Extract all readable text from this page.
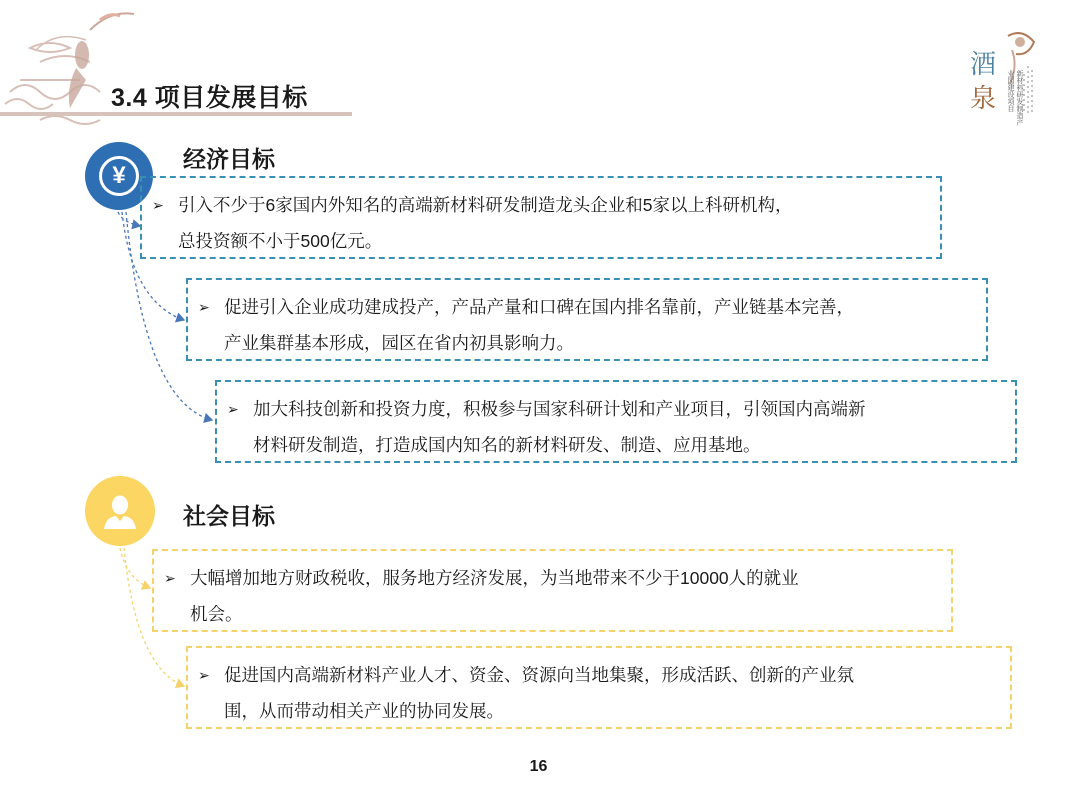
3.4 项目发展目标
酒
泉	新材料研发制造产业园建设项目
¥
经济目标
➢ 引入不少于6家国内外知名的高端新材料研发制造龙头企业和5家以上科研机构，
总投资额不小于500亿元。
➢ 促进引入企业成功建成投产，产品产量和口碑在国内排名靠前，产业链基本完善，
产业集群基本形成，园区在省内初具影响力。
➢ 加大科技创新和投资力度，积极参与国家科研计划和产业项目，引领国内高端新
材料研发制造，打造成国内知名的新材料研发、制造、应用基地。
社会目标
➢ 大幅增加地方财政税收，服务地方经济发展，为当地带来不少于10000人的就业
机会。
➢ 促进国内高端新材料产业人才、资金、资源向当地集聚，形成活跃、创新的产业氛
围，从而带动相关产业的协同发展。
16
